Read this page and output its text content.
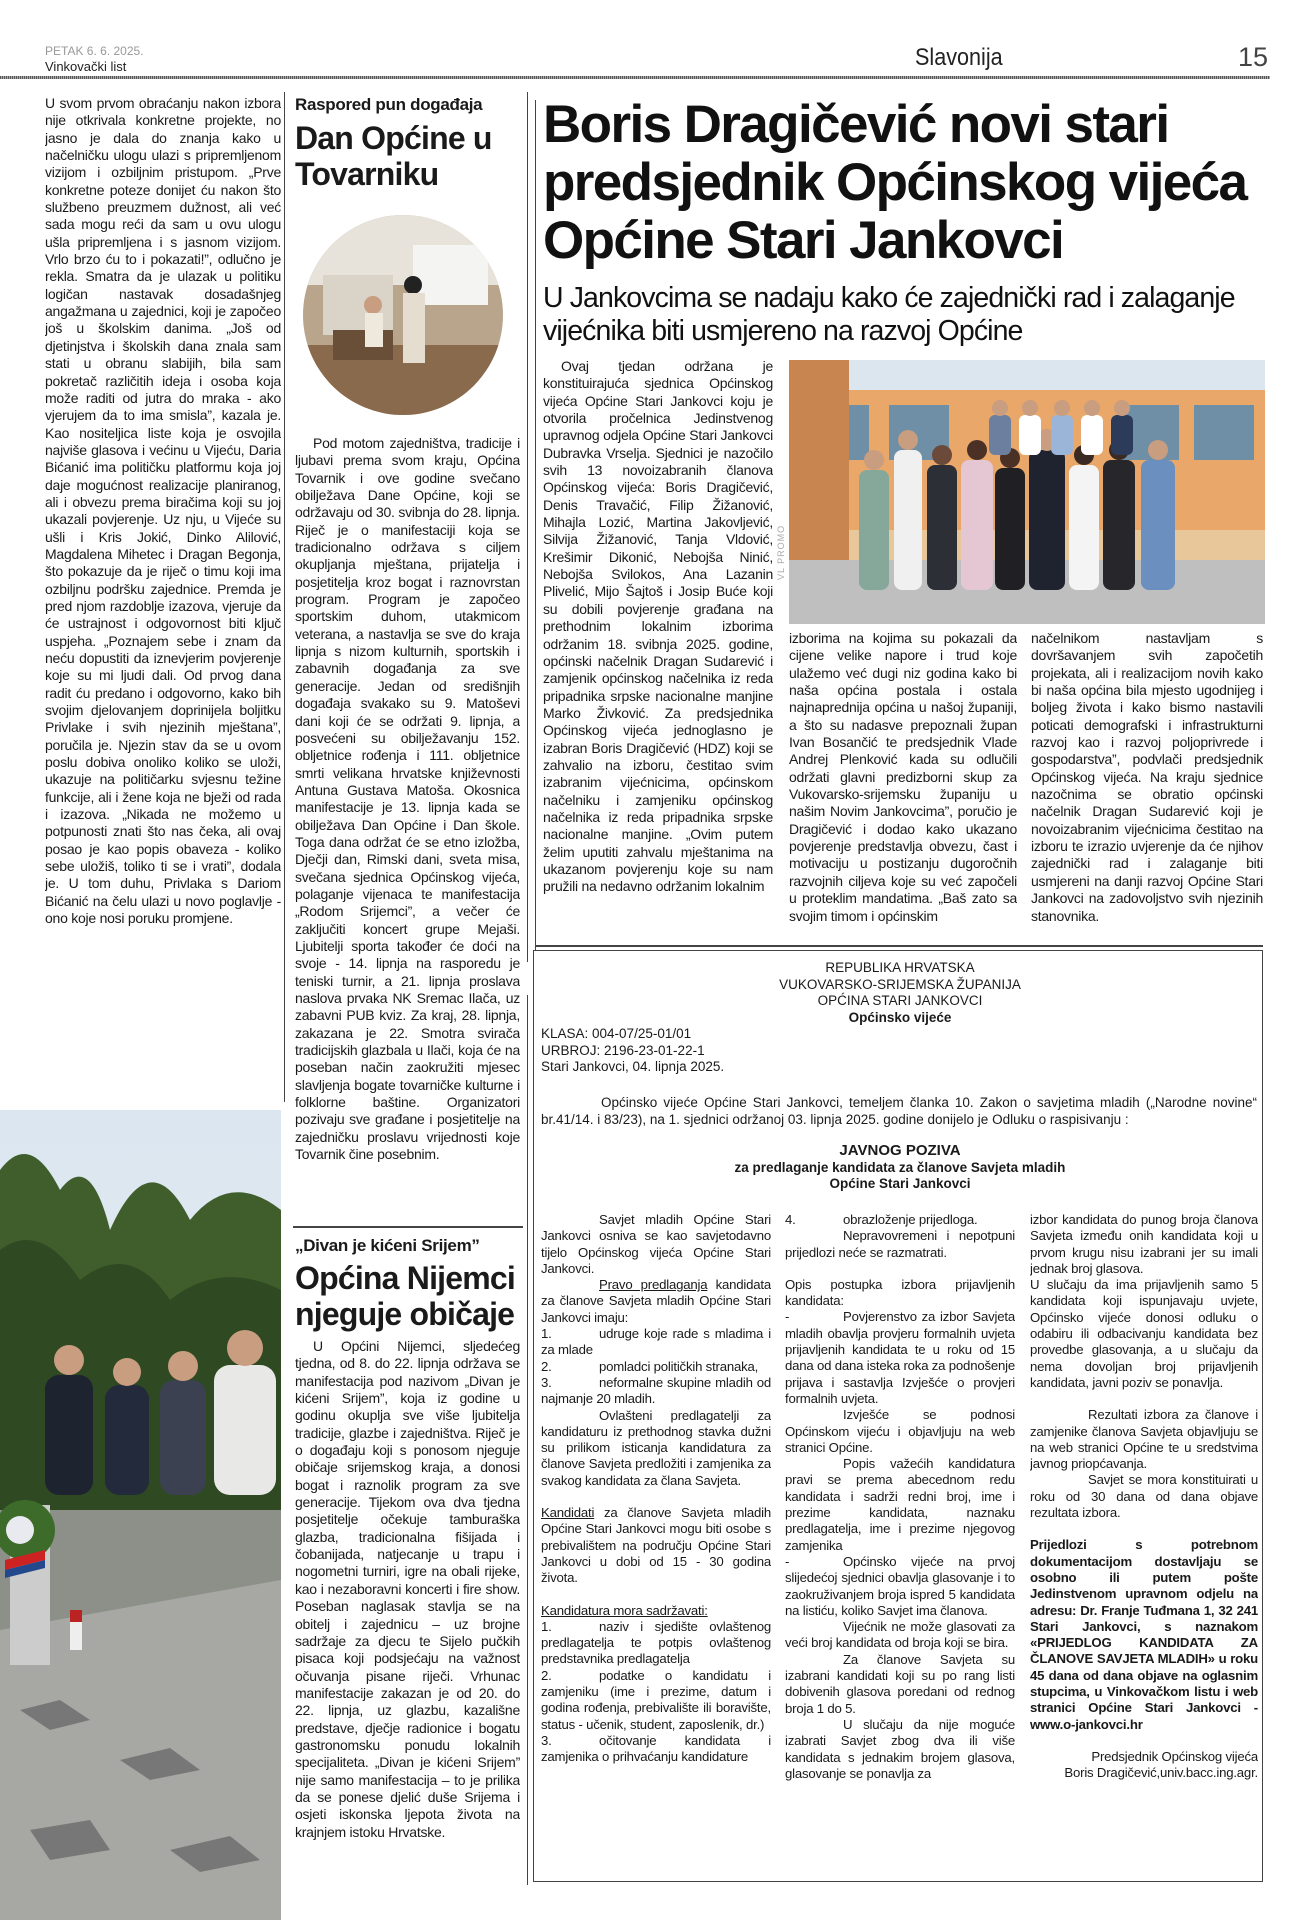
PETAK 6. 6. 2025.
Vinkovački list	Slavonija	15
U svom prvom obraćanju nakon izbora nije otkrivala konkretne projekte, no jasno je dala do znanja kako u načelničku ulogu ulazi s pripremljenom vizijom i ozbiljnim pristupom. „Prve konkretne poteze donijet ću nakon što službeno preuzmem dužnost, ali već sada mogu reći da sam u ovu ulogu ušla pripremljena i s jasnom vizijom. Vrlo brzo ću to i pokazati!”, odlučno je rekla. Smatra da je ulazak u politiku logičan nastavak dosadašnjeg angažmana u zajednici, koji je započeo još u školskim danima. „Još od djetinjstva i školskih dana znala sam stati u obranu slabijih, bila sam pokretač različitih ideja i osoba koja može raditi od jutra do mraka - ako vjerujem da to ima smisla”, kazala je. Kao nositeljica liste koja je osvojila najviše glasova i većinu u Vijeću, Daria Bićanić ima političku platformu koja joj daje mogućnost realizacije planiranog, ali i obvezu prema biračima koji su joj ukazali povjerenje. Uz nju, u Vijeće su ušli i Kris Jokić, Dinko Alilović, Magdalena Mihetec i Dragan Begonja, što pokazuje da je riječ o timu koji ima ozbiljnu podršku zajednice. Premda je pred njom razdoblje izazova, vjeruje da će ustrajnost i odgovornost biti ključ uspjeha. „Poznajem sebe i znam da neću dopustiti da iznevjerim povjerenje koje su mi ljudi dali. Od prvog dana radit ću predano i odgovorno, kako bih svojim djelovanjem doprinijela boljitku Privlake i svih njezinih mještana”, poručila je. Njezin stav da se u ovom poslu dobiva onoliko koliko se uloži, ukazuje na političarku svjesnu težine funkcije, ali i žene koja ne bježi od rada i izazova. „Nikada ne možemo u potpunosti znati što nas čeka, ali ovaj posao je kao popis obaveza - koliko sebe uložiš, toliko ti se i vrati”, dodala je. U tom duhu, Privlaka s Dariom Bićanić na čelu ulazi u novo poglavlje - ono koje nosi poruku promjene.
Raspored pun događaja
Dan Općine u Tovarniku
Pod motom zajedništva, tradicije i ljubavi prema svom kraju, Općina Tovarnik i ove godine svečano obilježava Dane Općine, koji se održavaju od 30. svibnja do 28. lipnja. Riječ je o manifestaciji koja se tradicionalno održava s ciljem okupljanja mještana, prijatelja i posjetitelja kroz bogat i raznovrstan program. Program je započeo sportskim duhom, utakmicom veterana, a nastavlja se sve do kraja lipnja s nizom kulturnih, sportskih i zabavnih događanja za sve generacije. Jedan od središnjih događaja svakako su 9. Matoševi dani koji će se održati 9. lipnja, a posvećeni su obilježavanju 152. obljetnice rođenja i 111. obljetnice smrti velikana hrvatske književnosti Antuna Gustava Matoša. Okosnica manifestacije je 13. lipnja kada se obilježava Dan Općine i Dan škole. Toga dana održat će se etno izložba, Dječji dan, Rimski dani, sveta misa, svečana sjednica Općinskog vijeća, polaganje vijenaca te manifestacija „Rodom Srijemci”, a večer će zaključiti koncert grupe Mejaši. Ljubitelji sporta također će doći na svoje - 14. lipnja na rasporedu je teniski turnir, a 21. lipnja proslava naslova prvaka NK Sremac Ilača, uz zabavni PUB kviz. Za kraj, 28. lipnja, zakazana je 22. Smotra svirača tradicijskih glazbala u Ilači, koja će na poseban način zaokružiti mjesec slavljenja bogate tovarničke kulturne i folklorne baštine. Organizatori pozivaju sve građane i posjetitelje na zajedničku proslavu vrijednosti koje Tovarnik čine posebnim.
„Divan je kićeni Srijem”
Općina Nijemci njeguje običaje
U Općini Nijemci, sljedećeg tjedna, od 8. do 22. lipnja održava se manifestacija pod nazivom „Divan je kićeni Srijem”, koja iz godine u godinu okuplja sve više ljubitelja tradicije, glazbe i zajedništva. Riječ je o događaju koji s ponosom njeguje običaje srijemskog kraja, a donosi bogat i raznolik program za sve generacije. Tijekom ova dva tjedna posjetitelje očekuje tamburaška glazba, tradicionalna fišijada i čobanijada, natjecanje u trapu i nogometni turniri, igre na obali rijeke, kao i nezaboravni koncerti i fire show. Poseban naglasak stavlja se na obitelj i zajednicu – uz brojne sadržaje za djecu te Sijelo pučkih pisaca koji podsjećaju na važnost očuvanja pisane riječi. Vrhunac manifestacije zakazan je od 20. do 22. lipnja, uz glazbu, kazališne predstave, dječje radionice i bogatu gastronomsku ponudu lokalnih specijaliteta. „Divan je kićeni Srijem” nije samo manifestacija – to je prilika da se ponese djelić duše Srijema i osjeti iskonska ljepota života na krajnjem istoku Hrvatske.
Boris Dragičević novi stari predsjednik Općinskog vijeća Općine Stari Jankovci
U Jankovcima se nadaju kako će zajednički rad i zalaganje vijećnika biti usmjereno na razvoj Općine
Ovaj tjedan održana je konstituirajuća sjednica Općinskog vijeća Općine Stari Jankovci koju je otvorila pročelnica Jedinstvenog upravnog odjela Općine Stari Jankovci Dubravka Vrselja. Sjednici je nazočilo svih 13 novoizabranih članova Općinskog vijeća: Boris Dragičević, Denis Travačić, Filip Žižanović, Mihajla Lozić, Martina Jakovljević, Silvija Žižanović, Tanja Vldović, Krešimir Dikonić, Nebojša Ninić, Nebojša Svilokos, Ana Lazanin Plivelić, Mijo Šajtoš i Josip Buće koji su dobili povjerenje građana na prethodnim lokalnim izborima održanim 18. svibnja 2025. godine, općinski načelnik Dragan Sudarević i zamjenik općinskog načelnika iz reda pripadnika srpske nacionalne manjine Marko Živković. Za predsjednika Općinskog vijeća jednoglasno je izabran Boris Dragičević (HDZ) koji se zahvalio na izboru, čestitao svim izabranim vijećnicima, općinskom načelniku i zamjeniku općinskog načelnika iz reda pripadnika srpske nacionalne manjine. „Ovim putem želim uputiti zahvalu mještanima na ukazanom povjerenju koje su nam pružili na nedavno održanim lokalnim
VL PROMO
izborima na kojima su pokazali da cijene velike napore i trud koje ulažemo već dugi niz godina kako bi naša općina postala i ostala najnaprednija općina u našoj županiji, a što su nadasve prepoznali župan Ivan Bosančić te predsjednik Vlade Andrej Plenković kada su odlučili održati glavni predizborni skup za Vukovarsko-srijemsku županiju u našim Novim Jankovcima”, poručio je Dragičević i dodao kako ukazano povjerenje predstavlja obvezu, čast i motivaciju u postizanju dugoročnih razvojnih ciljeva koje su već započeli u proteklim mandatima. „Baš zato sa svojim timom i općinskim
načelnikom nastavljam s dovršavanjem svih započetih projekata, ali i realizacijom novih kako bi naša općina bila mjesto ugodnijeg i boljeg života i kako bismo nastavili poticati demografski i infrastrukturni razvoj kao i razvoj poljoprivrede i gospodarstva”, podvlači predsjednik Općinskog vijeća. Na kraju sjednice nazočnima se obratio općinski načelnik Dragan Sudarević koji je novoizabranim vijećnicima čestitao na izboru te izrazio uvjerenje da će njihov zajednički rad i zalaganje biti usmjereni na danji razvoj Općine Stari Jankovci na zadovoljstvo svih njezinih stanovnika.
REPUBLIKA HRVATSKA
VUKOVARSKO-SRIJEMSKA ŽUPANIJA
OPĆINA STARI JANKOVCI
Općinsko vijeće
KLASA: 004-07/25-01/01
URBROJ: 2196-23-01-22-1
Stari Jankovci, 04. lipnja 2025.
Općinsko vijeće Općine Stari Jankovci, temeljem članka 10. Zakon o savjetima mladih („Narodne novine“ br.41/14. i 83/23), na 1. sjednici održanoj 03. lipnja 2025. godine donijelo je Odluku o raspisivanju :
JAVNOG POZIVA
za predlaganje kandidata za članove Savjeta mladih
Općine Stari Jankovci

Savjet mladih Općine Stari Jankovci osniva se kao savjetodavno tijelo Općinskog vijeća Općine Stari Jankovci.

Pravo predlaganja kandidata za članove Savjeta mladih Općine Stari Jankovci imaju:

1.	udruge koje rade s mladima i za mlade

2.	pomladci političkih stranaka,

3.	neformalne skupine mladih od najmanje 20 mladih.

Ovlašteni predlagatelji za kandidaturu iz prethodnog stavka dužni su prilikom isticanja kandidatura za članove Savjeta predložiti i zamjenika za svakog kandidata za člana Savjeta.

Kandidati za članove Savjeta mladih Općine Stari Jankovci mogu biti osobe s prebivalištem na području Općine Stari Jankovci u dobi od 15 - 30 godina života.

Kandidatura mora sadržavati:

1.	naziv i sjedište ovlaštenog predlagatelja te potpis ovlaštenog predstavnika predlagatelja

2.	podatke o kandidatu i zamjeniku (ime i prezime, datum i godina rođenja, prebivalište ili boravište, status - učenik, student, zaposlenik, dr.)

3.	očitovanje kandidata i zamjenika o prihvaćanju kandidature

4.	obrazloženje prijedloga.

Nepravovremeni i nepotpuni prijedlozi neće se razmatrati.

Opis postupka izbora prijavljenih kandidata:

-	Povjerenstvo za izbor Savjeta mladih obavlja provjeru formalnih uvjeta prijavljenih kandidata te u roku od 15 dana od dana isteka roka za podnošenje prijava i sastavlja Izvješće o provjeri formalnih uvjeta.

Izvješće se podnosi Općinskom vijeću i objavljuju na web stranici Općine.

Popis važećih kandidatura pravi se prema abecednom redu kandidata i sadrži redni broj, ime i prezime kandidata, naznaku predlagatelja, ime i prezime njegovog zamjenika

-	Općinsko vijeće na prvoj slijedećoj sjednici obavlja glasovanje i to zaokruživanjem broja ispred 5 kandidata na listiću, koliko Savjet ima članova.

Vijećnik ne može glasovati za veći broj kandidata od broja koji se bira.

Za članove Savjeta su izabrani kandidati koji su po rang listi dobivenih glasova poredani od rednog broja 1 do 5.

U slučaju da nije moguće izabrati Savjet zbog dva ili više kandidata s jednakim brojem glasova, glasovanje se ponavlja za

izbor kandidata do punog broja članova Savjeta između onih kandidata koji u prvom krugu nisu izabrani jer su imali jednak broj glasova.

U slučaju da ima prijavljenih samo 5 kandidata koji ispunjavaju uvjete, Općinsko vijeće donosi odluku o odabiru ili odbacivanju kandidata bez provedbe glasovanja, a u slučaju da nema dovoljan broj prijavljenih kandidata, javni poziv se ponavlja.

Rezultati izbora za članove i zamjenike članova Savjeta objavljuju se na web stranici Općine te u sredstvima javnog priopćavanja.

Savjet se mora konstituirati u roku od 30 dana od dana objave rezultata izbora.

Prijedlozi s potrebnom dokumentacijom dostavljaju se osobno ili putem pošte Jedinstvenom upravnom odjelu na adresu: Dr. Franje Tuđmana 1, 32 241 Stari Jankovci, s naznakom «PRIJEDLOG KANDIDATA ZA ČLANOVE SAVJETA MLADIH» u roku 45 dana od dana objave na oglasnim stupcima, u Vinkovačkom listu i web stranici Općine Stari Jankovci - www.o-jankovci.hr

Predsjednik Općinskog vijeća

Boris Dragičević,univ.bacc.ing.agr.
